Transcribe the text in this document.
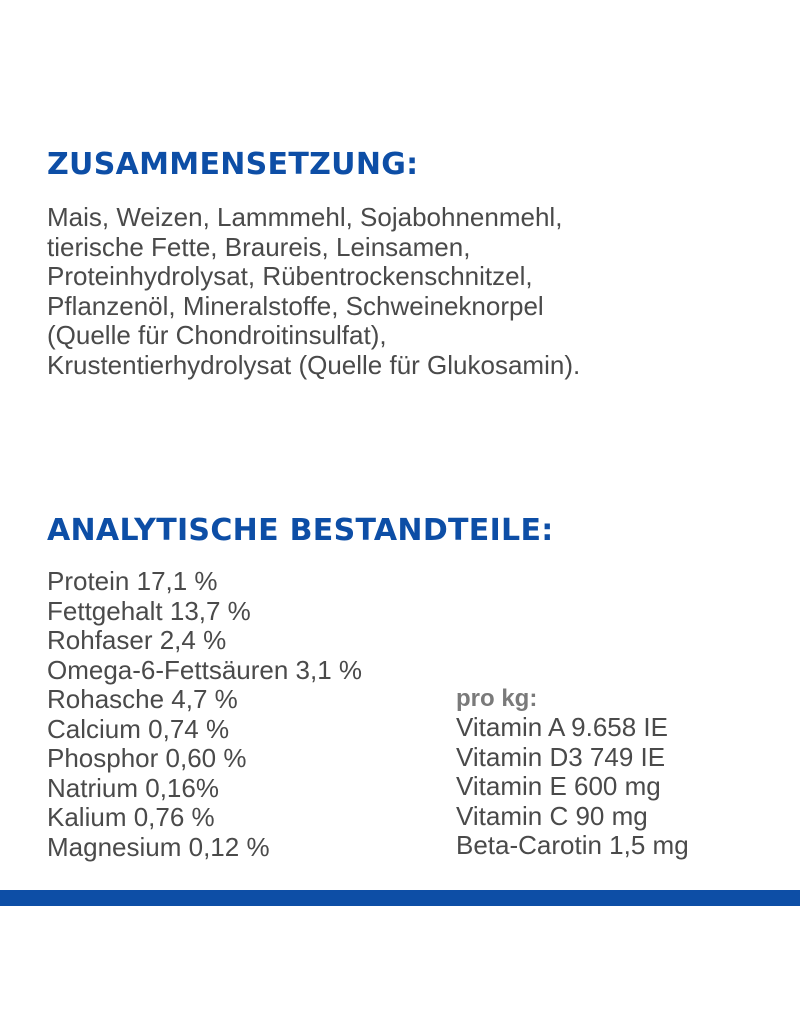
ZUSAMMENSETZUNG:

Mais, Weizen, Lammmehl, Sojabohnenmehl,
tierische Fette, Braureis, Leinsamen,
Proteinhydrolysat, Rübentrockenschnitzel,
Pflanzenöl, Mineralstoffe, Schweineknorpel
(Quelle für Chondroitinsulfat),
Krustentierhydrolysat (Quelle für Glukosamin).

ANALYTISCHE BESTANDTEILE:
Protein 17,1 %
Fettgehalt 13,7 %
Rohfaser 2,4 %
Omega-6-Fettsäuren 3,1 %
Rohasche 4,7 %
Calcium 0,74 %
Phosphor 0,60 %
Natrium 0,16%
Kalium 0,76 %
Magnesium 0,12 %
pro kg:
Vitamin A 9.658 IE
Vitamin D3 749 IE
Vitamin E 600 mg
Vitamin C 90 mg
Beta-Carotin 1,5 mg
